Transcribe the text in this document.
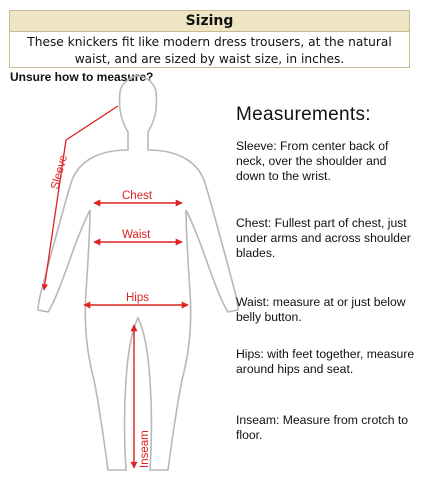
Sizing
These knickers fit like modern dress trousers, at the natural waist, and are sized by waist size, in inches.
Unsure how to measure?
Sleeve
Chest
Waist
Hips
Inseam
Measurements:
Sleeve: From center back of neck, over the shoulder and down to the wrist.
Chest: Fullest part of chest, just under arms and across shoulder blades.
Waist: measure at or just below belly button.
Hips: with feet together, measure around hips and seat.
Inseam: Measure from crotch to floor.
